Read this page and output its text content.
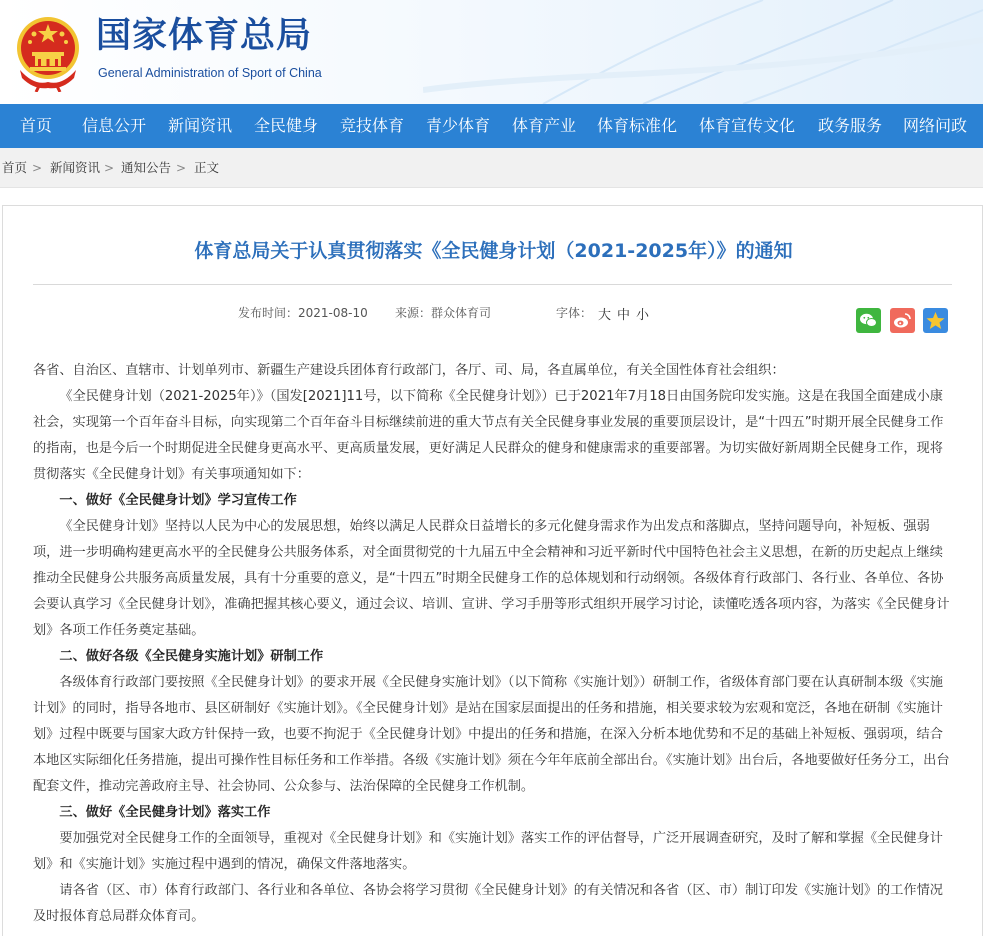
国家体育总局
General Administration of Sport of China
首页 信息公开 新闻资讯 全民健身 竞技体育 青少体育 体育产业 体育标准化 体育宣传文化 政务服务 网络问政
首页 > 新闻资讯 > 通知公告 > 正文
体育总局关于认真贯彻落实《全民健身计划（2021-2025年）》的通知
发布时间：2021-08-10 来源：群众体育司	字体： 大 中 小

各省、自治区、直辖市、计划单列市、新疆生产建设兵团体育行政部门，各厅、司、局，各直属单位，有关全国性体育社会组织：

《全民健身计划（2021-2025年）》（国发[2021]11号，以下简称《全民健身计划》）已于2021年7月18日由国务院印发实施。这是在我国全面建成小康社会，实现第一个百年奋斗目标，向实现第二个百年奋斗目标继续前进的重大节点有关全民健身事业发展的重要顶层设计，是“十四五”时期开展全民健身工作的指南，也是今后一个时期促进全民健身更高水平、更高质量发展，更好满足人民群众的健身和健康需求的重要部署。为切实做好新周期全民健身工作，现将贯彻落实《全民健身计划》有关事项通知如下：

一、做好《全民健身计划》学习宣传工作

《全民健身计划》坚持以人民为中心的发展思想，始终以满足人民群众日益增长的多元化健身需求作为出发点和落脚点，坚持问题导向，补短板、强弱项，进一步明确构建更高水平的全民健身公共服务体系，对全面贯彻党的十九届五中全会精神和习近平新时代中国特色社会主义思想，在新的历史起点上继续推动全民健身公共服务高质量发展，具有十分重要的意义，是“十四五”时期全民健身工作的总体规划和行动纲领。各级体育行政部门、各行业、各单位、各协会要认真学习《全民健身计划》，准确把握其核心要义，通过会议、培训、宣讲、学习手册等形式组织开展学习讨论，读懂吃透各项内容，为落实《全民健身计划》各项工作任务奠定基础。

二、做好各级《全民健身实施计划》研制工作

各级体育行政部门要按照《全民健身计划》的要求开展《全民健身实施计划》（以下简称《实施计划》）研制工作，省级体育部门要在认真研制本级《实施计划》的同时，指导各地市、县区研制好《实施计划》。《全民健身计划》是站在国家层面提出的任务和措施，相关要求较为宏观和宽泛，各地在研制《实施计划》过程中既要与国家大政方针保持一致，也要不拘泥于《全民健身计划》中提出的任务和措施，在深入分析本地优势和不足的基础上补短板、强弱项，结合本地区实际细化任务措施，提出可操作性目标任务和工作举措。各级《实施计划》须在今年年底前全部出台。《实施计划》出台后，各地要做好任务分工，出台配套文件，推动完善政府主导、社会协同、公众参与、法治保障的全民健身工作机制。

三、做好《全民健身计划》落实工作

要加强党对全民健身工作的全面领导，重视对《全民健身计划》和《实施计划》落实工作的评估督导，广泛开展调查研究，及时了解和掌握《全民健身计划》和《实施计划》实施过程中遇到的情况，确保文件落地落实。

请各省（区、市）体育行政部门、各行业和各单位、各协会将学习贯彻《全民健身计划》的有关情况和各省（区、市）制订印发《实施计划》的工作情况及时报体育总局群众体育司。
